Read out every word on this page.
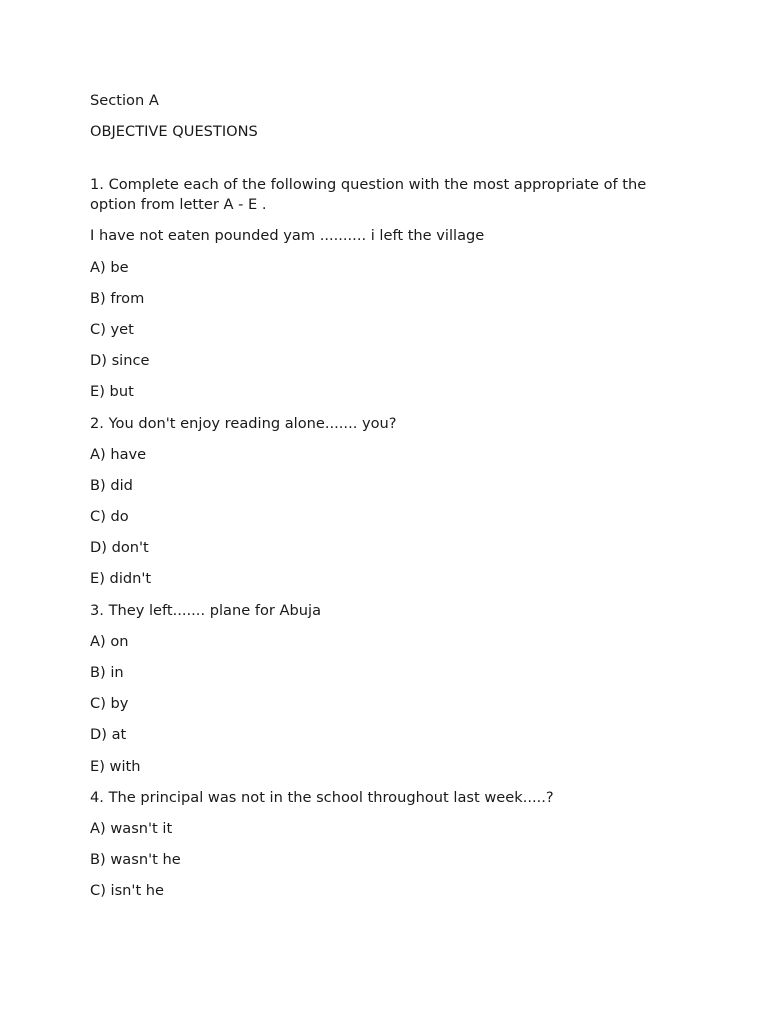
Section A

OBJECTIVE QUESTIONS

1. Complete each of the following question with the most appropriate of the option from letter A - E .

I have not eaten pounded yam .......... i left the village

A) be

B) from

C) yet

D) since

E) but

2. You don't enjoy reading alone....... you?

A) have

B) did

C) do

D) don't

E) didn't

3. They left....... plane for Abuja

A) on

B) in

C) by

D) at

E) with

4. The principal was not in the school throughout last week.....?

A) wasn't it

B) wasn't he

C) isn't he
